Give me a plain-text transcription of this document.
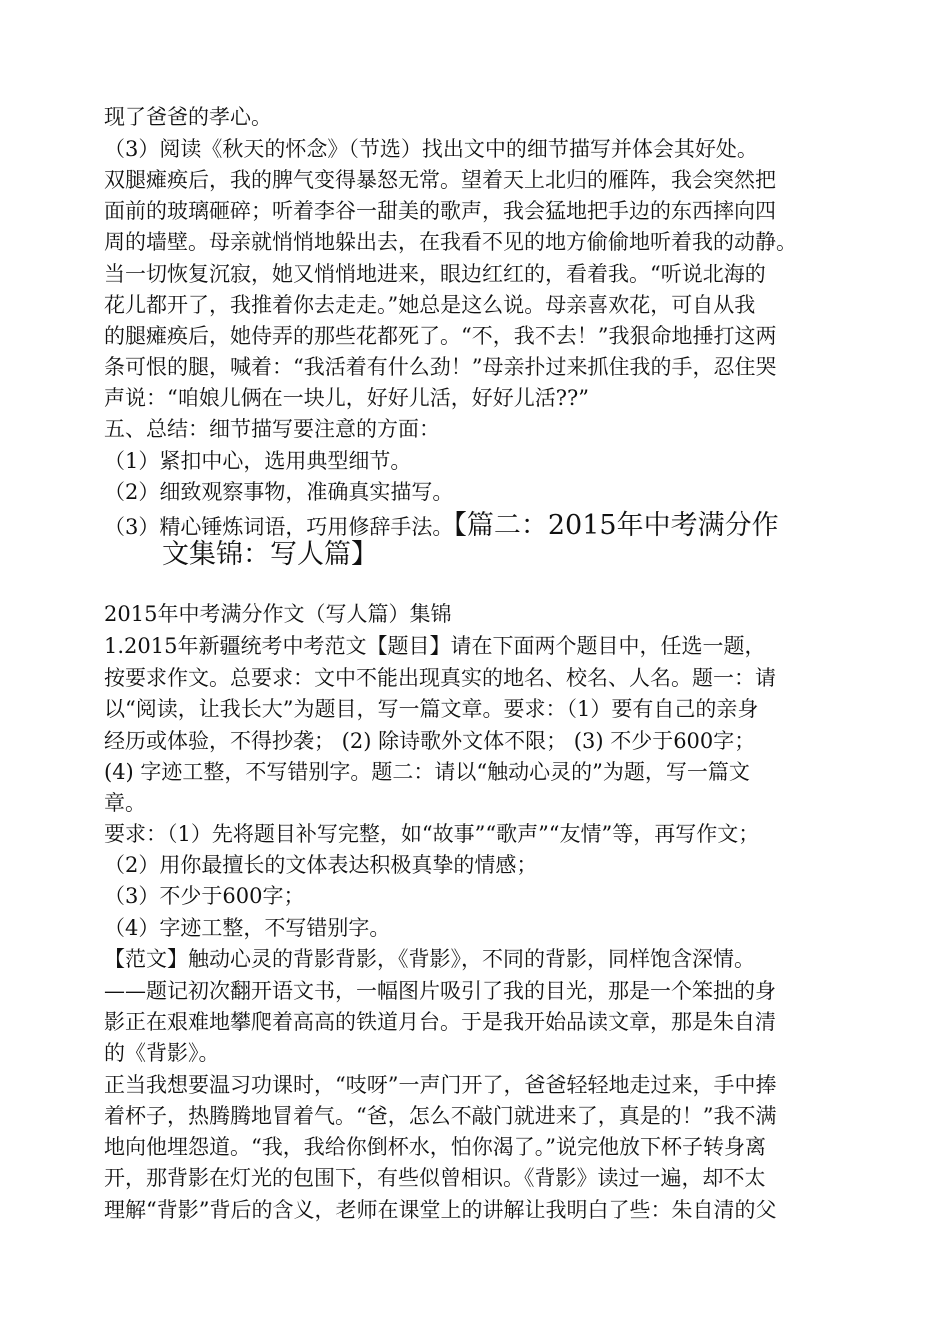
现了爸爸的孝心。
（3）阅读《秋天的怀念》（节选）找出文中的细节描写并体会其好处。
双腿瘫痪后，我的脾气变得暴怒无常。望着天上北归的雁阵，我会突然把
面前的玻璃砸碎；听着李谷一甜美的歌声，我会猛地把手边的东西摔向四
周的墙壁。母亲就悄悄地躲出去，在我看不见的地方偷偷地听着我的动静。
当一切恢复沉寂，她又悄悄地进来，眼边红红的，看着我。“听说北海的
花儿都开了，我推着你去走走。”她总是这么说。母亲喜欢花，可自从我
的腿瘫痪后，她侍弄的那些花都死了。“不，我不去！”我狠命地捶打这两
条可恨的腿，喊着：“我活着有什么劲！”母亲扑过来抓住我的手，忍住哭
声说：“咱娘儿俩在一块儿，好好儿活，好好儿活??”
五、总结：细节描写要注意的方面：
（1）紧扣中心，选用典型细节。
（2）细致观察事物，准确真实描写。
（3）精心锤炼词语，巧用修辞手法。【篇二：2015年中考满分作
文集锦：写人篇】
2015年中考满分作文（写人篇）集锦
1.2015年新疆统考中考范文【题目】请在下面两个题目中，任选一题，
按要求作文。总要求：文中不能出现真实的地名、校名、人名。题一：请
以“阅读，让我长大”为题目，写一篇文章。要求：（1）要有自己的亲身
经历或体验，不得抄袭； (2) 除诗歌外文体不限； (3) 不少于600字；
(4) 字迹工整，不写错别字。题二：请以“触动心灵的”为题，写一篇文
章。
要求：（1）先将题目补写完整，如“故事”“歌声”“友情”等，再写作文；
（2）用你最擅长的文体表达积极真挚的情感；
（3）不少于600字；
（4）字迹工整，不写错别字。
【范文】触动心灵的背影背影，《背影》，不同的背影，同样饱含深情。
——题记初次翻开语文书，一幅图片吸引了我的目光，那是一个笨拙的身
影正在艰难地攀爬着高高的铁道月台。于是我开始品读文章，那是朱自清
的《背影》。
正当我想要温习功课时，“吱呀”一声门开了，爸爸轻轻地走过来，手中捧
着杯子，热腾腾地冒着气。“爸，怎么不敲门就进来了，真是的！”我不满
地向他埋怨道。“我，我给你倒杯水，怕你渴了。”说完他放下杯子转身离
开，那背影在灯光的包围下，有些似曾相识。《背影》读过一遍，却不太
理解“背影”背后的含义，老师在课堂上的讲解让我明白了些：朱自清的父
